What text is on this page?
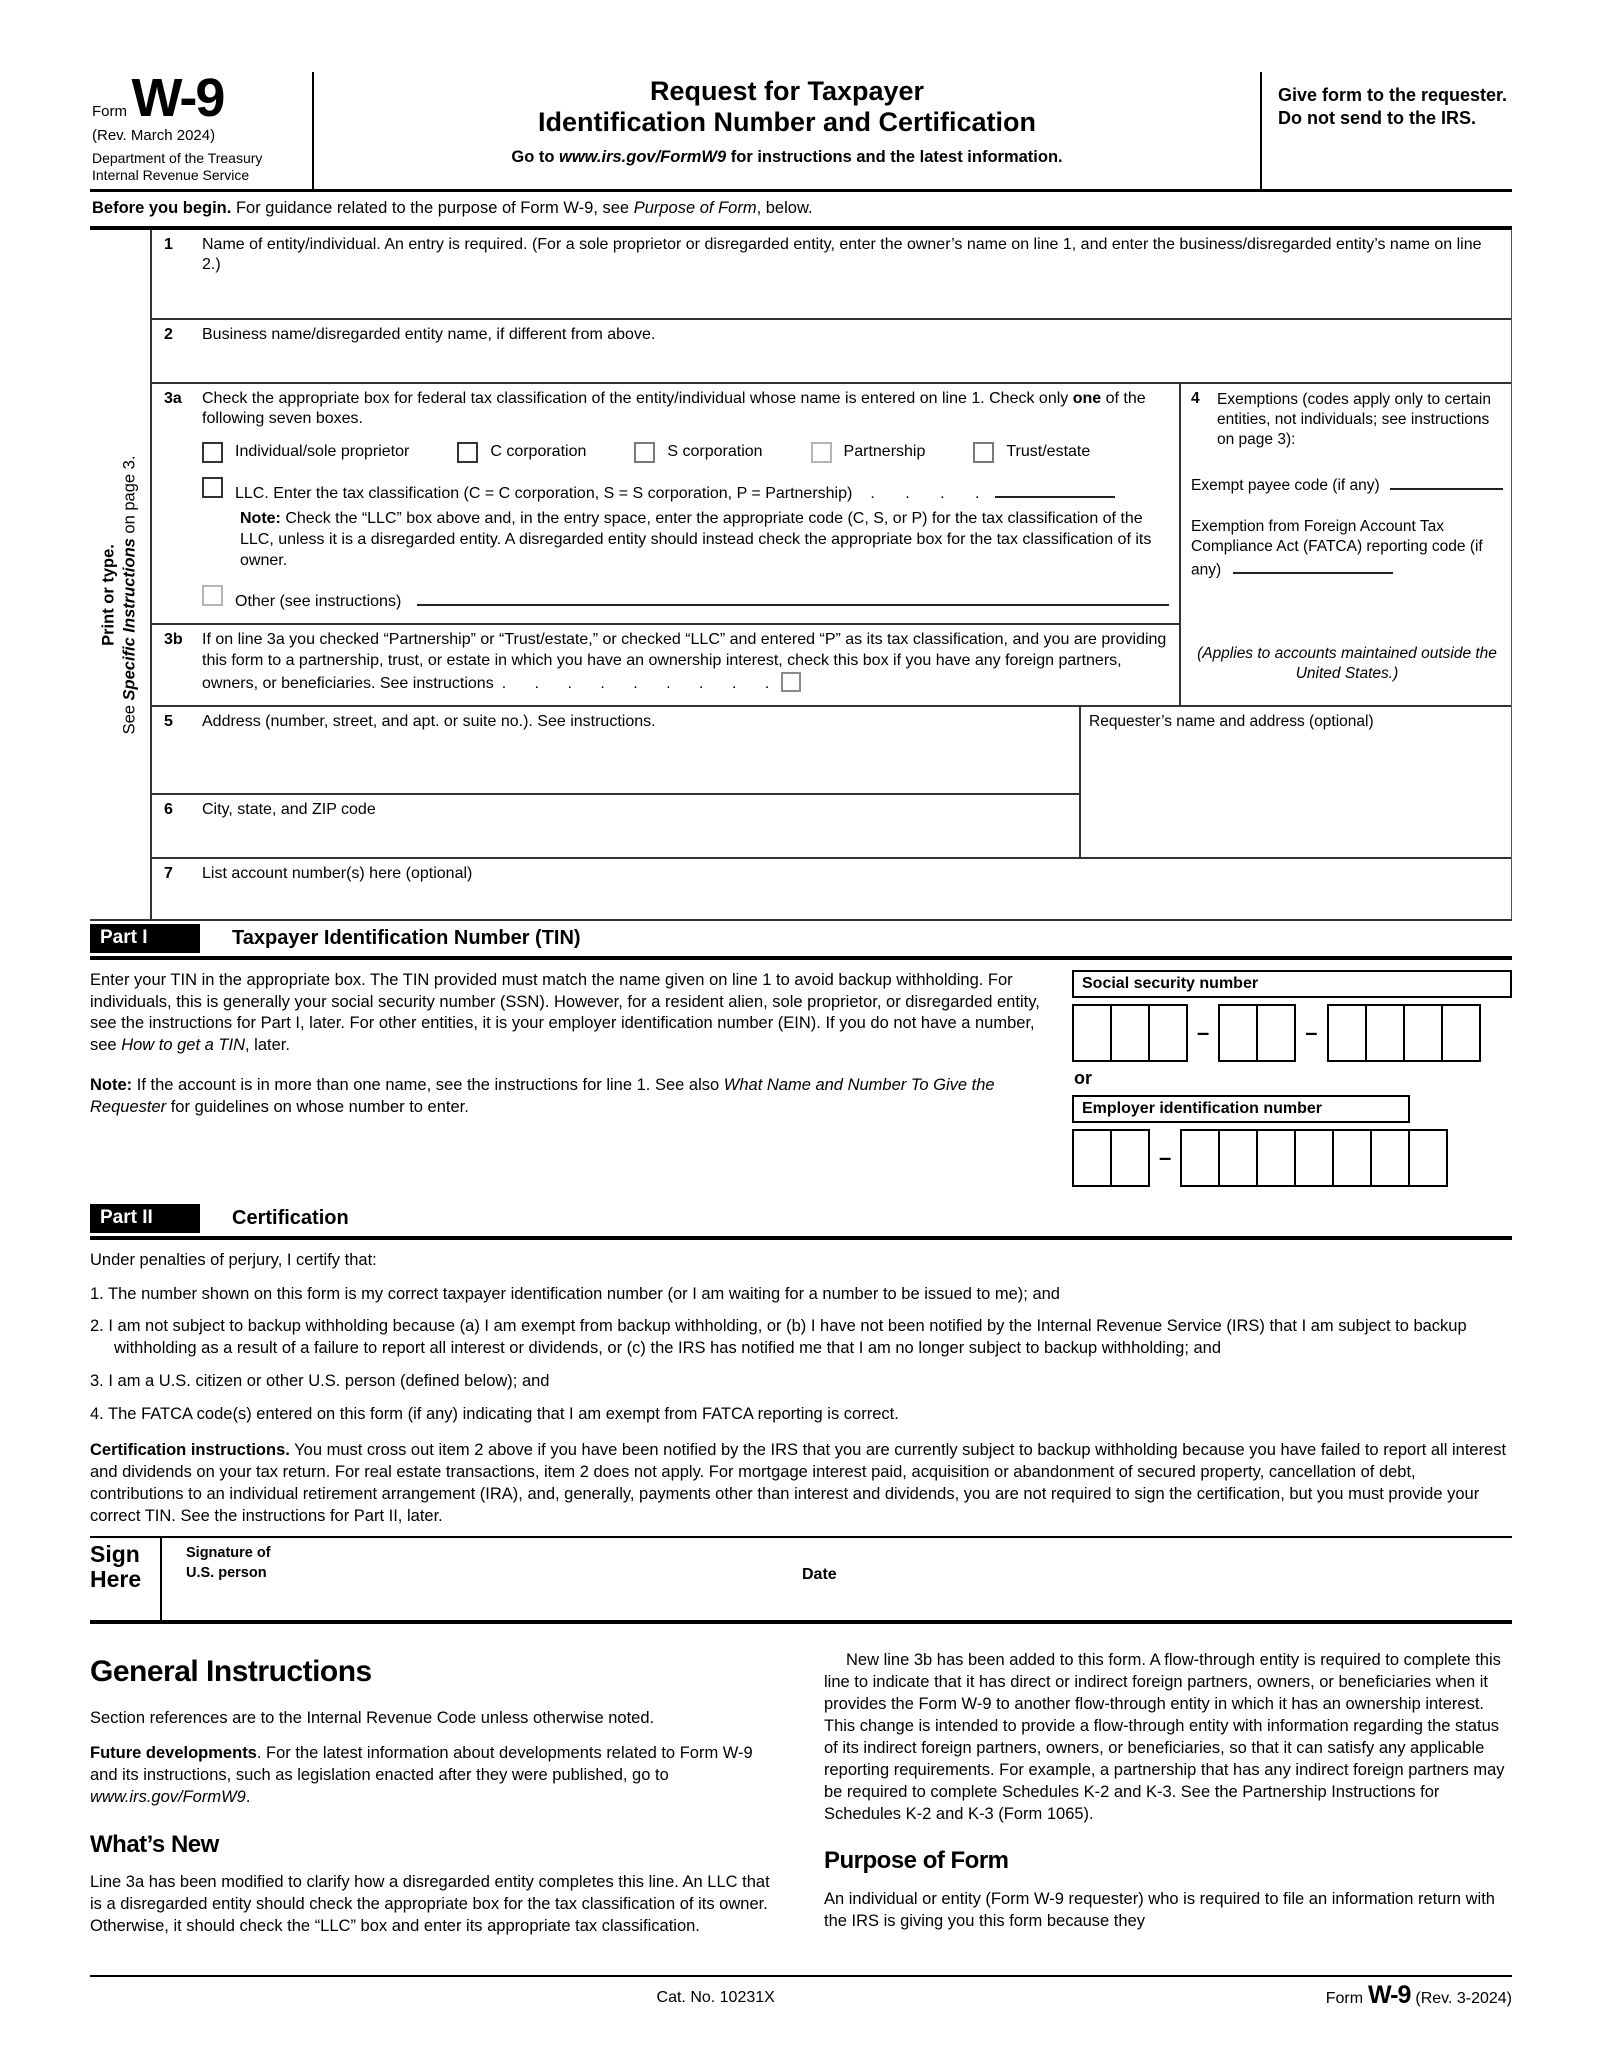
Form W-9
(Rev. March 2024)
Department of the Treasury
Internal Revenue Service
Request for Taxpayer
Identification Number and Certification
Go to www.irs.gov/FormW9 for instructions and the latest information.
Give form to the requester. Do not send to the IRS.
Before you begin. For guidance related to the purpose of Form W-9, see Purpose of Form, below.
Print or type.
See Specific Instructions on page 3.
1	Name of entity/individual. An entry is required. (For a sole proprietor or disregarded entity, enter the owner’s name on line 1, and enter the business/disregarded entity’s name on line 2.)
2	Business name/disregarded entity name, if different from above.
3a	Check the appropriate box for federal tax classification of the entity/individual whose name is entered on line 1. Check only one of the following seven boxes.
Individual/sole proprietor	C corporation	S corporation	Partnership	Trust/estate
LLC. Enter the tax classification (C = C corporation, S = S corporation, P = Partnership) . . . .
Note: Check the “LLC” box above and, in the entry space, enter the appropriate code (C, S, or P) for the tax classification of the LLC, unless it is a disregarded entity. A disregarded entity should instead check the appropriate box for the tax classification of its owner.
Other (see instructions)
3b	If on line 3a you checked “Partnership” or “Trust/estate,” or checked “LLC” and entered “P” as its tax classification, and you are providing this form to a partnership, trust, or estate in which you have an ownership interest, check this box if you have any foreign partners, owners, or beneficiaries. See instructions . . . . . . . . .
4	Exemptions (codes apply only to certain entities, not individuals; see instructions on page 3):
Exempt payee code (if any)
Exemption from Foreign Account Tax Compliance Act (FATCA) reporting code (if any)
(Applies to accounts maintained outside the United States.)
5	Address (number, street, and apt. or suite no.). See instructions.
6	City, state, and ZIP code
Requester’s name and address (optional)
7	List account number(s) here (optional)
Part I	Taxpayer Identification Number (TIN)
Enter your TIN in the appropriate box. The TIN provided must match the name given on line 1 to avoid backup withholding. For individuals, this is generally your social security number (SSN). However, for a resident alien, sole proprietor, or disregarded entity, see the instructions for Part I, later. For other entities, it is your employer identification number (EIN). If you do not have a number, see How to get a TIN, later.
Note: If the account is in more than one name, see the instructions for line 1. See also What Name and Number To Give the Requester for guidelines on whose number to enter.
Social security number
–	–
or
Employer identification number
–
Part II	Certification
Under penalties of perjury, I certify that:
1. The number shown on this form is my correct taxpayer identification number (or I am waiting for a number to be issued to me); and
2. I am not subject to backup withholding because (a) I am exempt from backup withholding, or (b) I have not been notified by the Internal Revenue Service (IRS) that I am subject to backup withholding as a result of a failure to report all interest or dividends, or (c) the IRS has notified me that I am no longer subject to backup withholding; and
3. I am a U.S. citizen or other U.S. person (defined below); and
4. The FATCA code(s) entered on this form (if any) indicating that I am exempt from FATCA reporting is correct.
Certification instructions. You must cross out item 2 above if you have been notified by the IRS that you are currently subject to backup withholding because you have failed to report all interest and dividends on your tax return. For real estate transactions, item 2 does not apply. For mortgage interest paid, acquisition or abandonment of secured property, cancellation of debt, contributions to an individual retirement arrangement (IRA), and, generally, payments other than interest and dividends, you are not required to sign the certification, but you must provide your correct TIN. See the instructions for Part II, later.
Sign
Here
Signature of
U.S. person	Date
General Instructions
Section references are to the Internal Revenue Code unless otherwise noted.
Future developments. For the latest information about developments related to Form W-9 and its instructions, such as legislation enacted after they were published, go to www.irs.gov/FormW9.
What’s New
Line 3a has been modified to clarify how a disregarded entity completes this line. An LLC that is a disregarded entity should check the appropriate box for the tax classification of its owner. Otherwise, it should check the “LLC” box and enter its appropriate tax classification.
New line 3b has been added to this form. A flow-through entity is required to complete this line to indicate that it has direct or indirect foreign partners, owners, or beneficiaries when it provides the Form W-9 to another flow-through entity in which it has an ownership interest. This change is intended to provide a flow-through entity with information regarding the status of its indirect foreign partners, owners, or beneficiaries, so that it can satisfy any applicable reporting requirements. For example, a partnership that has any indirect foreign partners may be required to complete Schedules K-2 and K-3. See the Partnership Instructions for Schedules K-2 and K-3 (Form 1065).
Purpose of Form
An individual or entity (Form W-9 requester) who is required to file an information return with the IRS is giving you this form because they
Cat. No. 10231X	Form W-9 (Rev. 3-2024)
